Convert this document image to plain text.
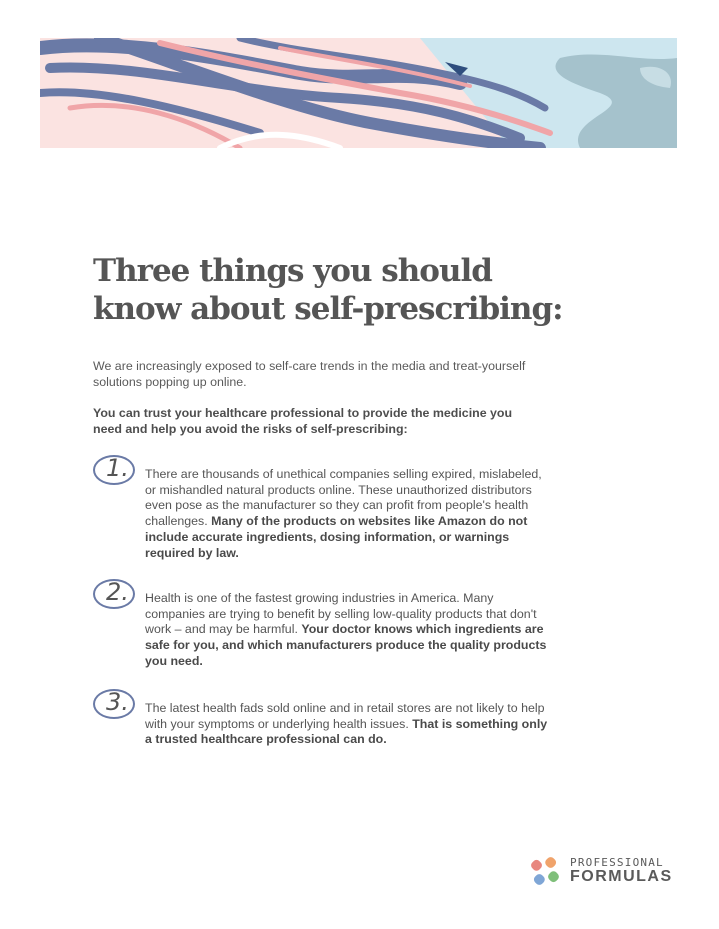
Three things you should
know about self-prescribing:

We are increasingly exposed to self-care trends in the media and treat-yourself solutions popping up online.

You can trust your healthcare professional to provide the medicine you need and help you avoid the risks of self-prescribing:

1. There are thousands of unethical companies selling expired, mislabeled, or mishandled natural products online. These unauthorized distributors even pose as the manufacturer so they can profit from people's health challenges. Many of the products on websites like Amazon do not include accurate ingredients, dosing information, or warnings required by law.

2. Health is one of the fastest growing industries in America. Many companies are trying to benefit by selling low-quality products that don't work – and may be harmful. Your doctor knows which ingredients are safe for you, and which manufacturers produce the quality products you need.

3. The latest health fads sold online and in retail stores are not likely to help with your symptoms or underlying health issues. That is something only a trusted healthcare professional can do.

PROFESSIONAL
FORMULAS
